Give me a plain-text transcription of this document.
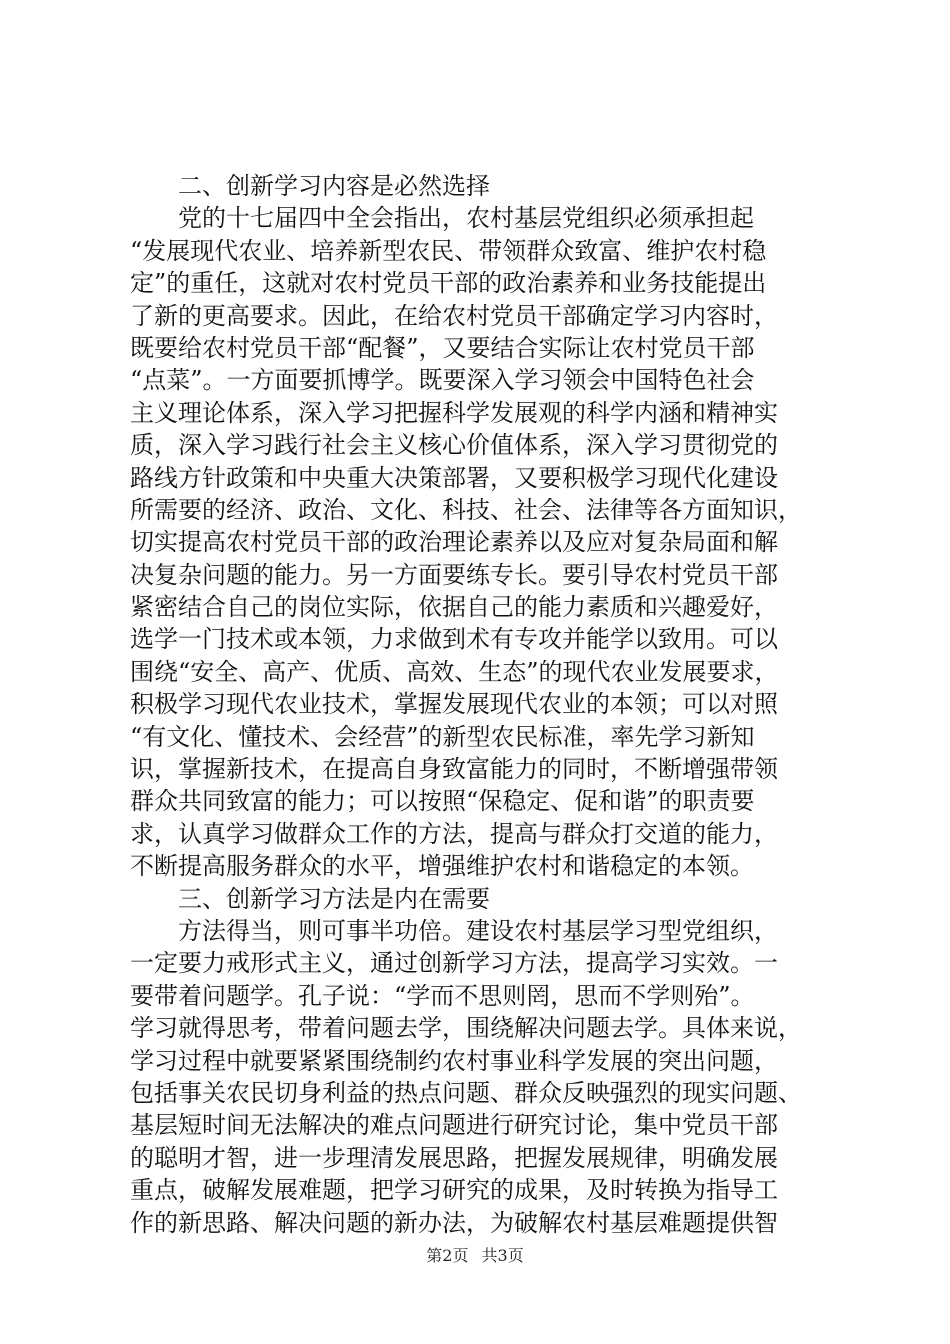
二、创新学习内容是必然选择
党的十七届四中全会指出，农村基层党组织必须承担起
“发展现代农业、培养新型农民、带领群众致富、维护农村稳
定”的重任，这就对农村党员干部的政治素养和业务技能提出
了新的更高要求。因此，在给农村党员干部确定学习内容时，
既要给农村党员干部“配餐”，又要结合实际让农村党员干部
“点菜”。一方面要抓博学。既要深入学习领会中国特色社会
主义理论体系，深入学习把握科学发展观的科学内涵和精神实
质，深入学习践行社会主义核心价值体系，深入学习贯彻党的
路线方针政策和中央重大决策部署，又要积极学习现代化建设
所需要的经济、政治、文化、科技、社会、法律等各方面知识，
切实提高农村党员干部的政治理论素养以及应对复杂局面和解
决复杂问题的能力。另一方面要练专长。要引导农村党员干部
紧密结合自己的岗位实际，依据自己的能力素质和兴趣爱好，
选学一门技术或本领，力求做到术有专攻并能学以致用。可以
围绕“安全、高产、优质、高效、生态”的现代农业发展要求，
积极学习现代农业技术，掌握发展现代农业的本领；可以对照
“有文化、懂技术、会经营”的新型农民标准，率先学习新知
识，掌握新技术，在提高自身致富能力的同时，不断增强带领
群众共同致富的能力；可以按照“保稳定、促和谐”的职责要
求，认真学习做群众工作的方法，提高与群众打交道的能力，
不断提高服务群众的水平，增强维护农村和谐稳定的本领。
三、创新学习方法是内在需要
方法得当，则可事半功倍。建设农村基层学习型党组织，
一定要力戒形式主义，通过创新学习方法，提高学习实效。一
要带着问题学。孔子说：“学而不思则罔，思而不学则殆”。
学习就得思考，带着问题去学，围绕解决问题去学。具体来说，
学习过程中就要紧紧围绕制约农村事业科学发展的突出问题，
包括事关农民切身利益的热点问题、群众反映强烈的现实问题、
基层短时间无法解决的难点问题进行研究讨论，集中党员干部
的聪明才智，进一步理清发展思路，把握发展规律，明确发展
重点，破解发展难题，把学习研究的成果，及时转换为指导工
作的新思路、解决问题的新办法，为破解农村基层难题提供智
第2页 共3页
